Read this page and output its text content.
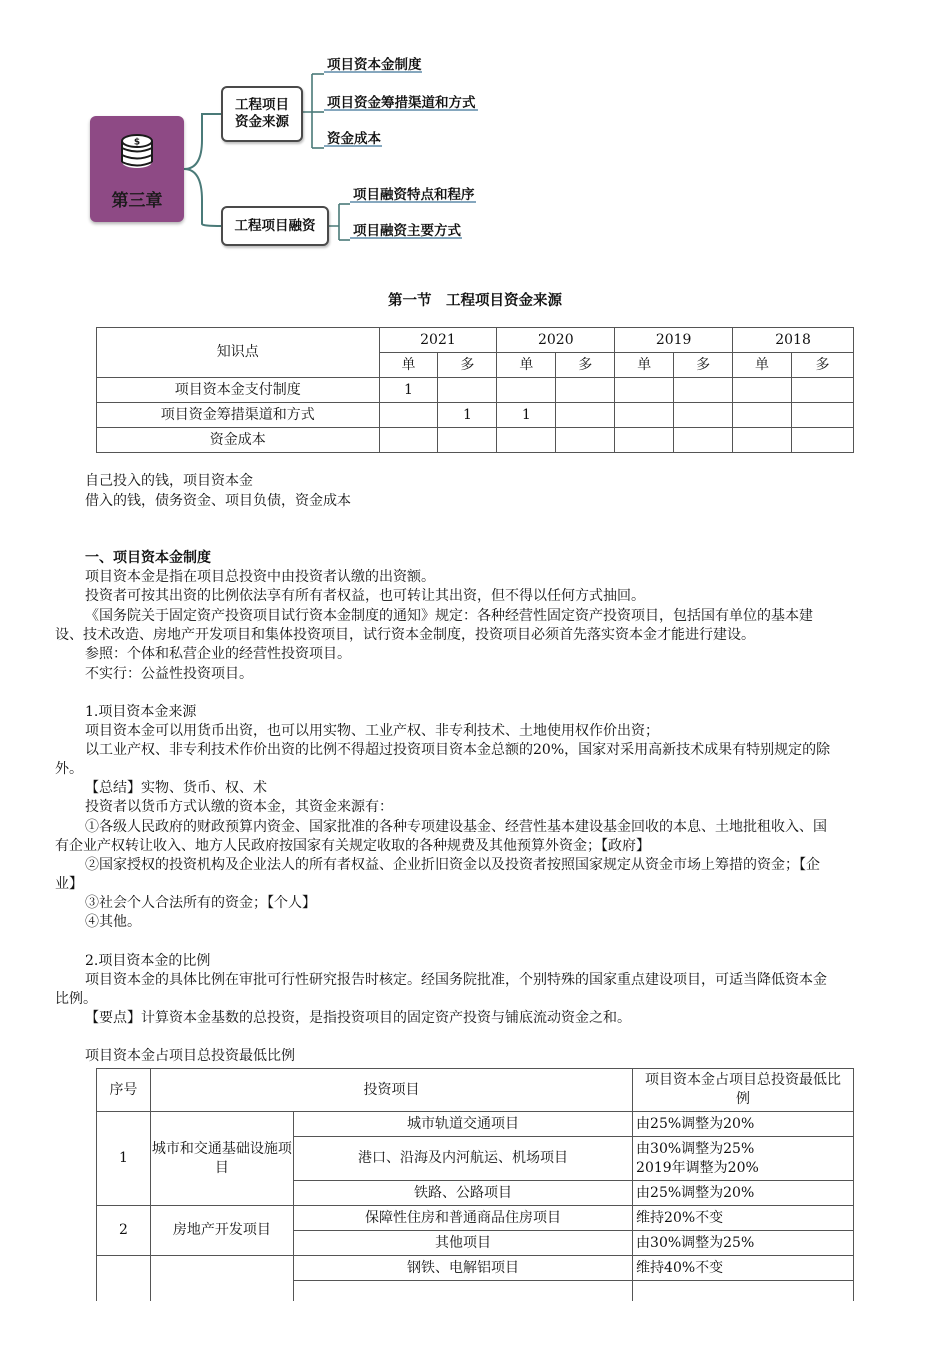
$
第三章
工程项目资金来源
工程项目融资
项目资本金制度
项目资金筹措渠道和方式
资金成本
项目融资特点和程序
项目融资主要方式
第一节　工程项目资金来源
知识点	2021		2020		2019		2018	
	单	多	单	多	单	多	单	多
项目资本金支付制度	1							
项目资金筹措渠道和方式		1	1					
资金成本								
自己投入的钱，项目资本金
借入的钱，债务资金、项目负债，资金成本
一、项目资本金制度
项目资本金是指在项目总投资中由投资者认缴的出资额。
投资者可按其出资的比例依法享有所有者权益，也可转让其出资，但不得以任何方式抽回。
《国务院关于固定资产投资项目试行资本金制度的通知》规定：各种经营性固定资产投资项目，包括国有单位的基本建
设、技术改造、房地产开发项目和集体投资项目，试行资本金制度，投资项目必须首先落实资本金才能进行建设。
参照：个体和私营企业的经营性投资项目。
不实行：公益性投资项目。
1.项目资本金来源
项目资本金可以用货币出资，也可以用实物、工业产权、非专利技术、土地使用权作价出资；
以工业产权、非专利技术作价出资的比例不得超过投资项目资本金总额的20%，国家对采用高新技术成果有特别规定的除
外。
【总结】实物、货币、权、术
投资者以货币方式认缴的资本金，其资金来源有：
①各级人民政府的财政预算内资金、国家批准的各种专项建设基金、经营性基本建设基金回收的本息、土地批租收入、国
有企业产权转让收入、地方人民政府按国家有关规定收取的各种规费及其他预算外资金；【政府】
②国家授权的投资机构及企业法人的所有者权益、企业折旧资金以及投资者按照国家规定从资金市场上筹措的资金；【企
业】
③社会个人合法所有的资金；【个人】
④其他。
2.项目资本金的比例
项目资本金的具体比例在审批可行性研究报告时核定。经国务院批准，个别特殊的国家重点建设项目，可适当降低资本金
比例。
【要点】计算资本金基数的总投资，是指投资项目的固定资产投资与铺底流动资金之和。
项目资本金占项目总投资最低比例
序号	投资项目		项目资本金占项目总投资最低比例
1	城市和交通基础设施项目	城市轨道交通项目	由25%调整为20%
		港口、沿海及内河航运、机场项目	由30%调整为25%
2019年调整为20%

		铁路、公路项目	由25%调整为20%
2	房地产开发项目	保障性住房和普通商品住房项目	维持20%不变
		其他项目	由30%调整为25%
		钢铁、电解铝项目	维持40%不变
